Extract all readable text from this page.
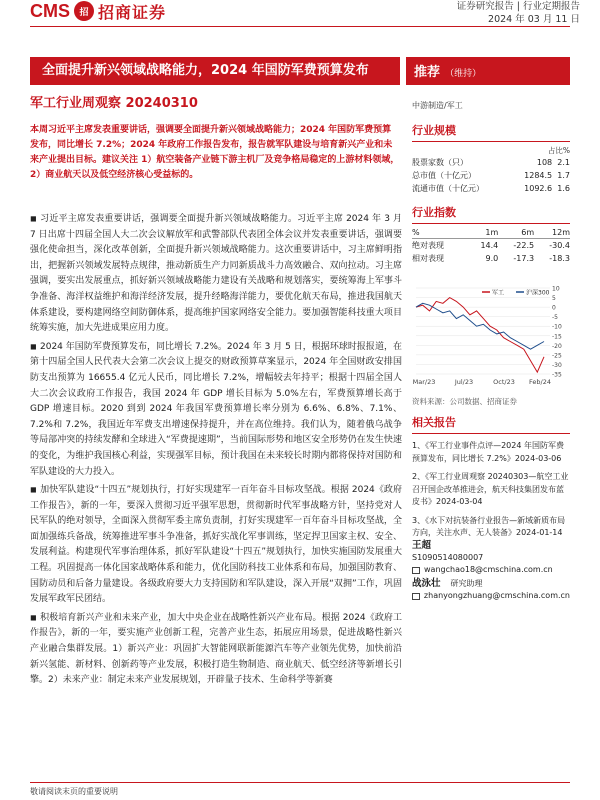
CMS	招 招商证券	证券研究报告 | 行业定期报告
2024 年 03 月 11 日
全面提升新兴领域战略能力，2024 年国防军费预算发布	推荐 （维持）
军工行业周观察 20240310
本周习近平主席发表重要讲话，强调要全面提升新兴领域战略能力；2024 年国防军费预算发布，同比增长 7.2%；2024 年政府工作报告发布，报告就军队建设与培育新兴产业和未来产业提出目标。建议关注 1）航空装备产业链下游主机厂及竞争格局稳定的上游材料领域，2）商业航天以及低空经济核心受益标的。
◼ 习近平主席发表重要讲话，强调要全面提升新兴领域战略能力。习近平主席 2024 年 3 月 7 日出席十四届全国人大二次会议解放军和武警部队代表团全体会议并发表重要讲话，强调要强化使命担当，深化改革创新，全面提升新兴领域战略能力。这次重要讲话中，习主席鲜明指出，把握新兴领域发展特点规律，推动新质生产力同新质战斗力高效融合、双向拉动。习主席强调，要实出发展重点，抓好新兴领域战略能力建设有关战略和规划落实，要统筹海上军事斗争准备、海洋权益维护和海洋经济发展，提升经略海洋能力，要优化航天布局，推进我国航天体系建设，要构建网络空间防御体系，提高维护国家网络安全能力。要加强智能科技重大项目统筹实施，加大先进成果应用力度。
◼ 2024 年国防军费预算发布，同比增长 7.2%。2024 年 3 月 5 日，根据环球时报报道，在第十四届全国人民代表大会第二次会议上提交的财政预算草案显示，2024 年全国财政安排国防支出预算为 16655.4 亿元人民币，同比增长 7.2%，增幅较去年持平；根据十四届全国人大二次会议政府工作报告，我国 2024 年 GDP 增长目标为 5.0%左右，军费预算增长高于 GDP 增速目标。2020 到到 2024 年我国军费预算增长率分别为 6.6%、6.8%、7.1%、7.2%和 7.2%，我国近年军费支出增速保持提升，并在高位维持。我们认为，随着俄乌战争等局部冲突的持续发酵和全球进入“军费提速期”，当前国际形势和地区安全形势仍在发生快速的变化，为维护我国核心利益，实现强军目标，预计我国在未来较长时期内都将保持对国防和军队建设的大力投入。
◼ 加快军队建设“十四五”规划执行，打好实现建军一百年奋斗目标攻坚战。根据 2024《政府工作报告》，新的一年，要深入贯彻习近平强军思想，贯彻新时代军事战略方针，坚持党对人民军队的绝对领导，全面深入贯彻军委主席负责制，打好实现建军一百年奋斗目标攻坚战，全面加强练兵备战，统筹推进军事斗争准备，抓好实战化军事训练，坚定捍卫国家主权、安全、发展利益。构建现代军事治理体系，抓好军队建设“十四五”规划执行，加快实施国防发展重大工程。巩固提高一体化国家战略体系和能力，优化国防科技工业体系和布局，加强国防教育、国防动员和后备力量建设。各级政府要大力支持国防和军队建设，深入开展“双拥”工作，巩固发展军政军民团结。
◼ 积极培育新兴产业和未来产业，加大中央企业在战略性新兴产业布局。根据 2024《政府工作报告》，新的一年，要实施产业创新工程，完善产业生态，拓展应用场景，促进战略性新兴产业融合集群发展。1）新兴产业：巩固扩大智能网联新能源汽车等产业领先优势，加快前沿新兴氢能、新材料、创新药等产业发展，积极打造生物制造、商业航天、低空经济等新增长引擎。2）未来产业：制定未来产业发展规划，开辟量子技术、生命科学等新赛
中游制造/军工
行业规模
占比%
股票家数（只）	108	2.1
总市值（十亿元）	1284.5	1.7
流通市值（十亿元）	1092.6	1.6
行业指数
%	1m	6m	12m
绝对表现	14.4	-22.5	-30.4
相对表现	9.0	-17.3	-18.3
10
5
0
-5
-10
-15
-20
-25
-30
-35
Mar/23	Jul/23	Oct/23 Feb/24
军工	沪深300
资料来源：公司数据、招商证券
相关报告
1、《军工行业事件点评—2024 年国防军费预算发布，同比增长 7.2%》2024-03-06
2、《军工行业周观察 20240303—航空工业召开国企改革推进会，航天科技集团发布蓝皮书》2024-03-04
3、《水下对抗装备行业报告—新域新质布局方向，关注水声、无人装备》2024-01-14
王超
S1090514080007
wangchao18@cmschina.com.cn
战泳壮 研究助理
zhanyongzhuang@cmschina.com.cn
敬请阅读末页的重要说明
